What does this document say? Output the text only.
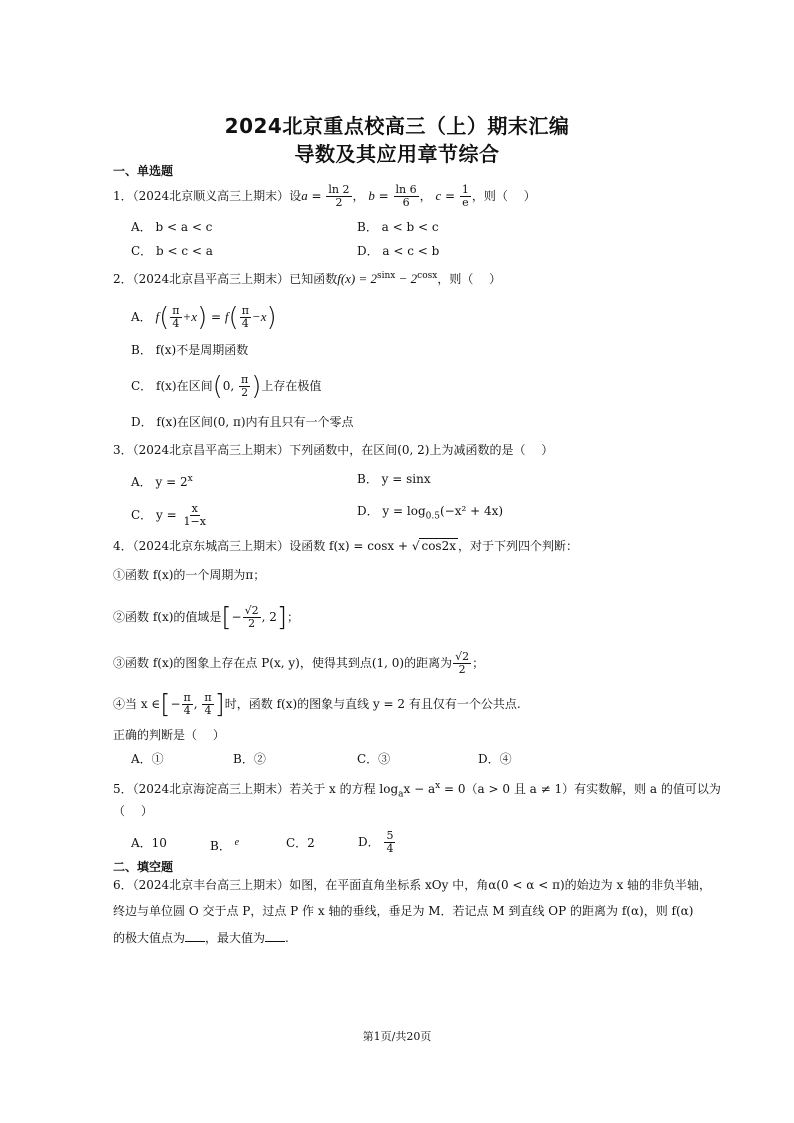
2024北京重点校高三（上）期末汇编
导数及其应用章节综合
一、单选题
1．（2024北京顺义高三上期末）设$a = \frac{\ln 2}{2}$ ， $b = \frac{\ln 6}{6}$ ， $c = \frac{1}{e}$ ，则（　 ）
A． b < a < c	B． a < b < c
C． b < c < a	D． a < c < b
2．（2024北京昌平高三上期末）已知函数$f(x) = 2^{sinx} - 2^{cosx}$，则（　 ）
A． $f( \frac{\pi}{4} +x) = f( \frac{\pi}{4} -x)$
B． f(x)不是周期函数
C． f(x)在区间(0, $\frac{\pi}{2}$ )上存在极值
D． f(x)在区间(0, π)内有且只有一个零点
3．（2024北京昌平高三上期末）下列函数中，在区间(0, 2)上为减函数的是（　 ）
A． $y = 2^x$	B． y = sinx
C． $y = \frac{x}{1-x}$	D． $y = \log_{0.5}(-x^2 + 4x)$
4．（2024北京东城高三上期末）设函数 f(x) = cosx + √ cos2x ，对于下列四个判断：
①函数 f(x)的一个周期为π；
②函数 f(x)的值域是[− $\frac{√2}{2}$ , 2]；
③函数 f(x)的图象上存在点 P(x, y)，使得其到点(1, 0)的距离为 $\frac{√2}{2}$ ；
④当 x ∈[− $\frac{\pi}{4}$ , $\frac{\pi}{4}$ ]时，函数 f(x)的图象与直线 y = 2 有且仅有一个公共点.
正确的判断是（　 ）
A．①	B．②	C．③	D．④
5．（2024北京海淀高三上期末）若关于 x 的方程 $\log_ax - a^x = 0(a > 0$ 且 a ≠ 1）有实数解，则 a 的值可以为
（　 ）
A．10	B． $^e$	C．2	D． $\frac{5}{4}$
二、填空题
6．（2024北京丰台高三上期末）如图，在平面直角坐标系 xOy 中，角α(0 < α < π)的始边为 x 轴的非负半轴，
终边与单位圆 O 交于点 P，过点 P 作 x 轴的垂线，垂足为 M．若记点 M 到直线 OP 的距离为 f(α)，则 f(α)
的极大值点为 ，最大值为 .
第1页/共20页
